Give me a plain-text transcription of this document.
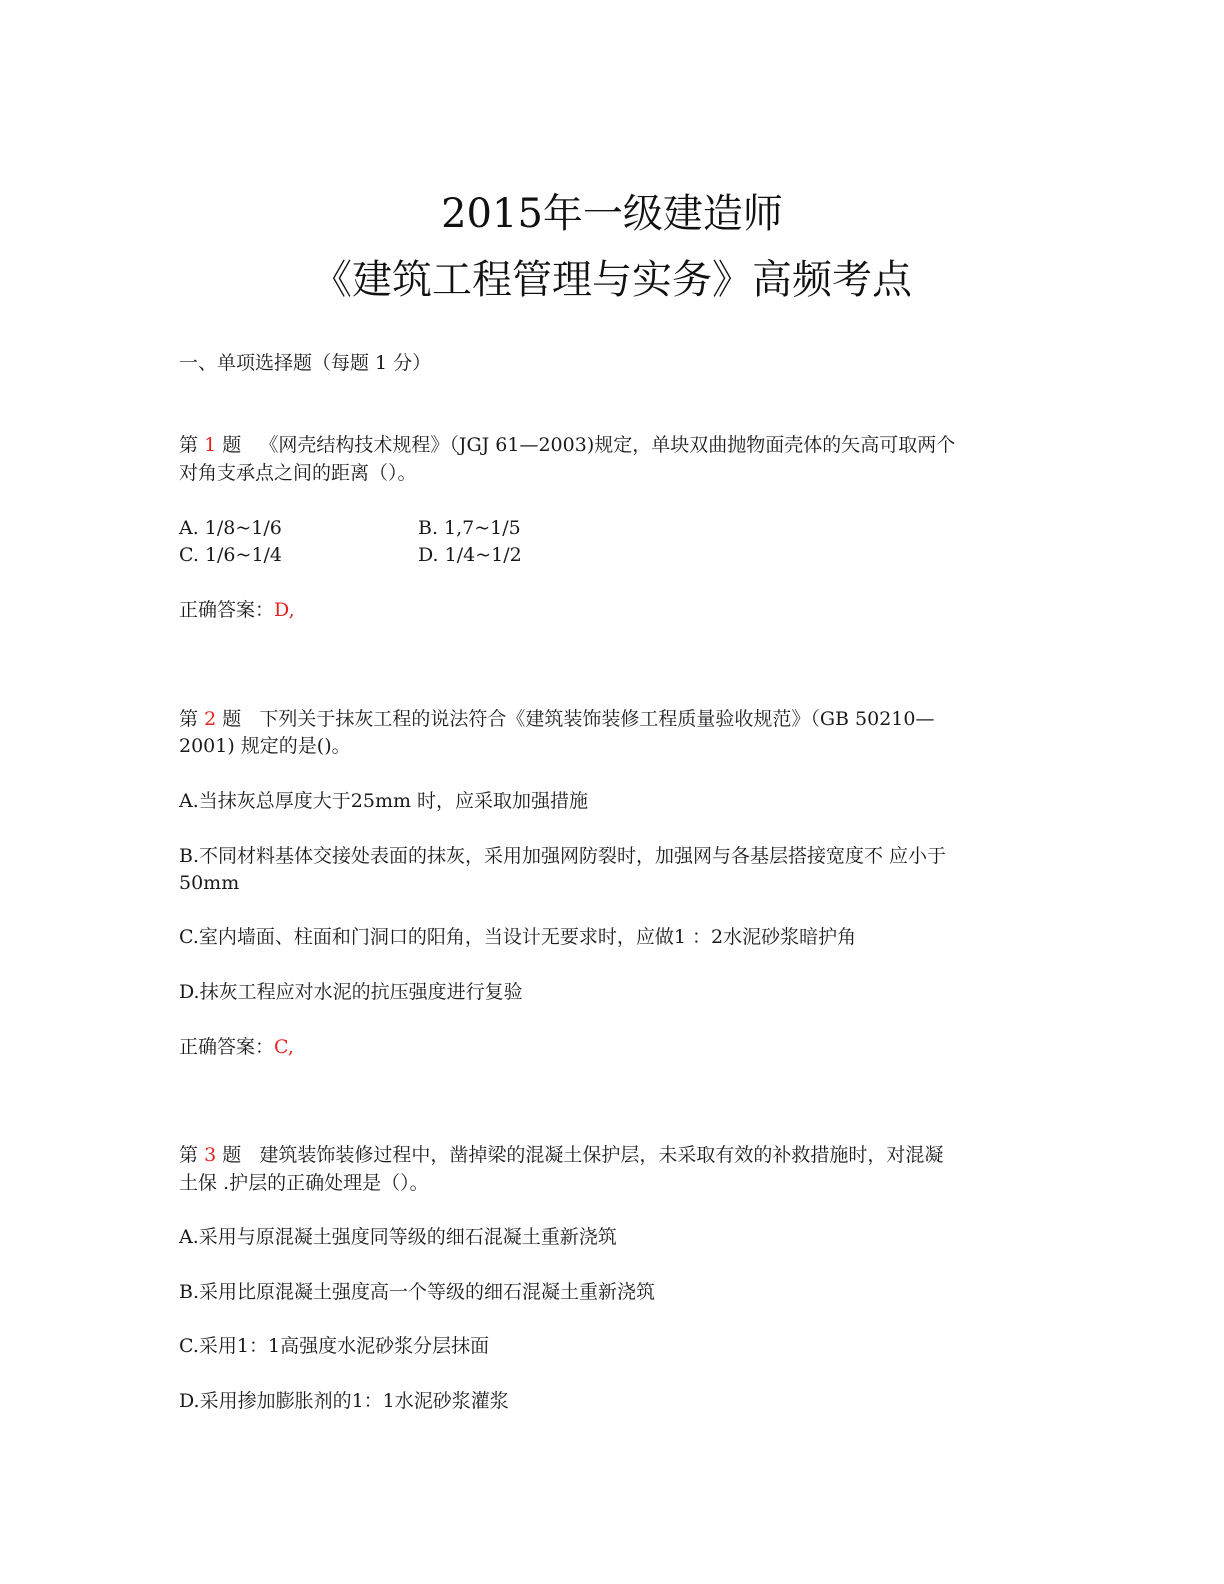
2015年一级建造师
《建筑工程管理与实务》高频考点
一、单项选择题（每题 1 分）
第 1 题 《网壳结构技术规程》（JGJ 61—2003)规定，单块双曲抛物面壳体的矢高可取两个
对角支承点之间的距离（）。
A. 1/8~1/6	B. 1,7~1/5
C. 1/6~1/4	D. 1/4~1/2
正确答案：D,
第 2 题 下列关于抹灰工程的说法符合《建筑装饰装修工程质量验收规范》（GB 50210—
2001) 规定的是()。
A.当抹灰总厚度大于25mm 时，应采取加强措施
B.不同材料基体交接处表面的抹灰，采用加强网防裂时，加强网与各基层搭接宽度不 应小于
50mm
C.室内墙面、柱面和门洞口的阳角，当设计无要求时，应做1 ：2水泥砂浆暗护角
D.抹灰工程应对水泥的抗压强度进行复验
正确答案：C,
第 3 题 建筑装饰装修过程中，凿掉梁的混凝土保护层，未采取有效的补救措施时，对混凝
土保 .护层的正确处理是（）。
A.采用与原混凝土强度同等级的细石混凝土重新浇筑
B.采用比原混凝土强度高一个等级的细石混凝土重新浇筑
C.采用1：1高强度水泥砂浆分层抹面
D.采用掺加膨胀剂的1：1水泥砂浆灌浆
